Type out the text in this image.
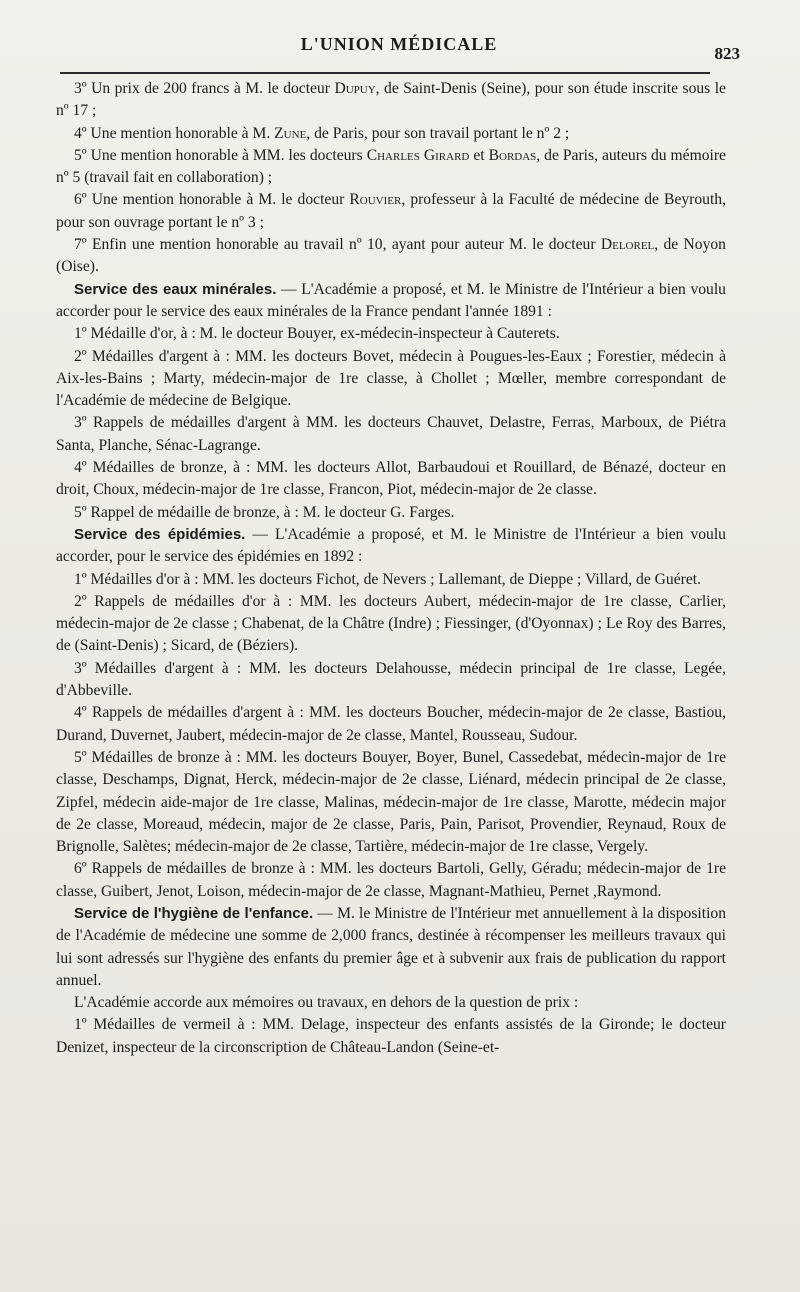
L'UNION MÉDICALE	823

3º Un prix de 200 francs à M. le docteur Dupuy, de Saint-Denis (Seine), pour son étude inscrite sous le nº 17 ;

4º Une mention honorable à M. Zune, de Paris, pour son travail portant le nº 2 ;

5º Une mention honorable à MM. les docteurs Charles Girard et Bordas, de Paris, auteurs du mémoire nº 5 (travail fait en collaboration) ;

6º Une mention honorable à M. le docteur Rouvier, professeur à la Faculté de médecine de Beyrouth, pour son ouvrage portant le nº 3 ;

7º Enfin une mention honorable au travail nº 10, ayant pour auteur M. le docteur Delorel, de Noyon (Oise).

Service des eaux minérales. — L'Académie a proposé, et M. le Ministre de l'Intérieur a bien voulu accorder pour le service des eaux minérales de la France pendant l'année 1891 :

1º Médaille d'or, à : M. le docteur Bouyer, ex-médecin-inspecteur à Cauterets.

2º Médailles d'argent à : MM. les docteurs Bovet, médecin à Pougues-les-Eaux ; Forestier, médecin à Aix-les-Bains ; Marty, médecin-major de 1re classe, à Chollet ; Mœller, membre correspondant de l'Académie de médecine de Belgique.

3º Rappels de médailles d'argent à MM. les docteurs Chauvet, Delastre, Ferras, Marboux, de Piétra Santa, Planche, Sénac-Lagrange.

4º Médailles de bronze, à : MM. les docteurs Allot, Barbaudoui et Rouillard, de Bénazé, docteur en droit, Choux, médecin-major de 1re classe, Francon, Piot, médecin-major de 2e classe.

5º Rappel de médaille de bronze, à : M. le docteur G. Farges.

Service des épidémies. — L'Académie a proposé, et M. le Ministre de l'Intérieur a bien voulu accorder, pour le service des épidémies en 1892 :

1º Médailles d'or à : MM. les docteurs Fichot, de Nevers ; Lallemant, de Dieppe ; Villard, de Guéret.

2º Rappels de médailles d'or à : MM. les docteurs Aubert, médecin-major de 1re classe, Carlier, médecin-major de 2e classe ; Chabenat, de la Châtre (Indre) ; Fiessinger, (d'Oyonnax) ; Le Roy des Barres, de (Saint-Denis) ; Sicard, de (Béziers).

3º Médailles d'argent à : MM. les docteurs Delahousse, médecin principal de 1re classe, Legée, d'Abbeville.

4º Rappels de médailles d'argent à : MM. les docteurs Boucher, médecin-major de 2e classe, Bastiou, Durand, Duvernet, Jaubert, médecin-major de 2e classe, Mantel, Rousseau, Sudour.

5º Médailles de bronze à : MM. les docteurs Bouyer, Boyer, Bunel, Cassedebat, médecin-major de 1re classe, Deschamps, Dignat, Herck, médecin-major de 2e classe, Liénard, médecin principal de 2e classe, Zipfel, médecin aide-major de 1re classe, Malinas, médecin-major de 1re classe, Marotte, médecin major de 2e classe, Moreaud, médecin, major de 2e classe, Paris, Pain, Parisot, Provendier, Reynaud, Roux de Brignolle, Salètes; médecin-major de 2e classe, Tartière, médecin-major de 1re classe, Vergely.

6º Rappels de médailles de bronze à : MM. les docteurs Bartoli, Gelly, Géradu; médecin-major de 1re classe, Guibert, Jenot, Loison, médecin-major de 2e classe, Magnant-Mathieu, Pernet ,Raymond.

Service de l'hygiène de l'enfance. — M. le Ministre de l'Intérieur met annuellement à la disposition de l'Académie de médecine une somme de 2,000 francs, destinée à récompenser les meilleurs travaux qui lui sont adressés sur l'hygiène des enfants du premier âge et à subvenir aux frais de publication du rapport annuel.

L'Académie accorde aux mémoires ou travaux, en dehors de la question de prix :

1º Médailles de vermeil à : MM. Delage, inspecteur des enfants assistés de la Gironde; le docteur Denizet, inspecteur de la circonscription de Château-Landon (Seine-et-
